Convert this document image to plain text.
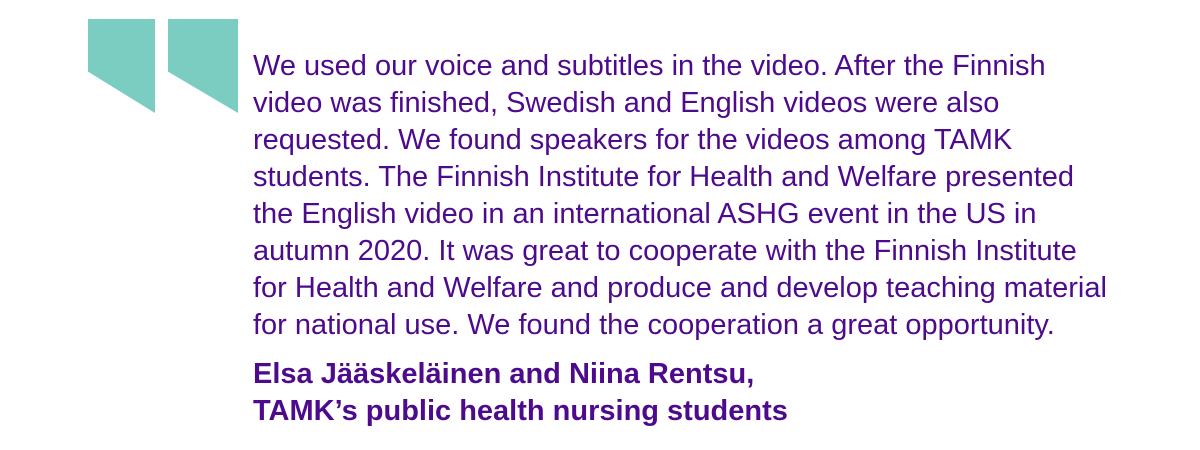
We used our voice and subtitles in the video. After the Finnish
video was finished, Swedish and English videos were also
requested. We found speakers for the videos among TAMK
students. The Finnish Institute for Health and Welfare presented
the English video in an international ASHG event in the US in
autumn 2020. It was great to cooperate with the Finnish Institute
for Health and Welfare and produce and develop teaching material
for national use. We found the cooperation a great opportunity.
Elsa Jääskeläinen and Niina Rentsu,
TAMK’s public health nursing students
